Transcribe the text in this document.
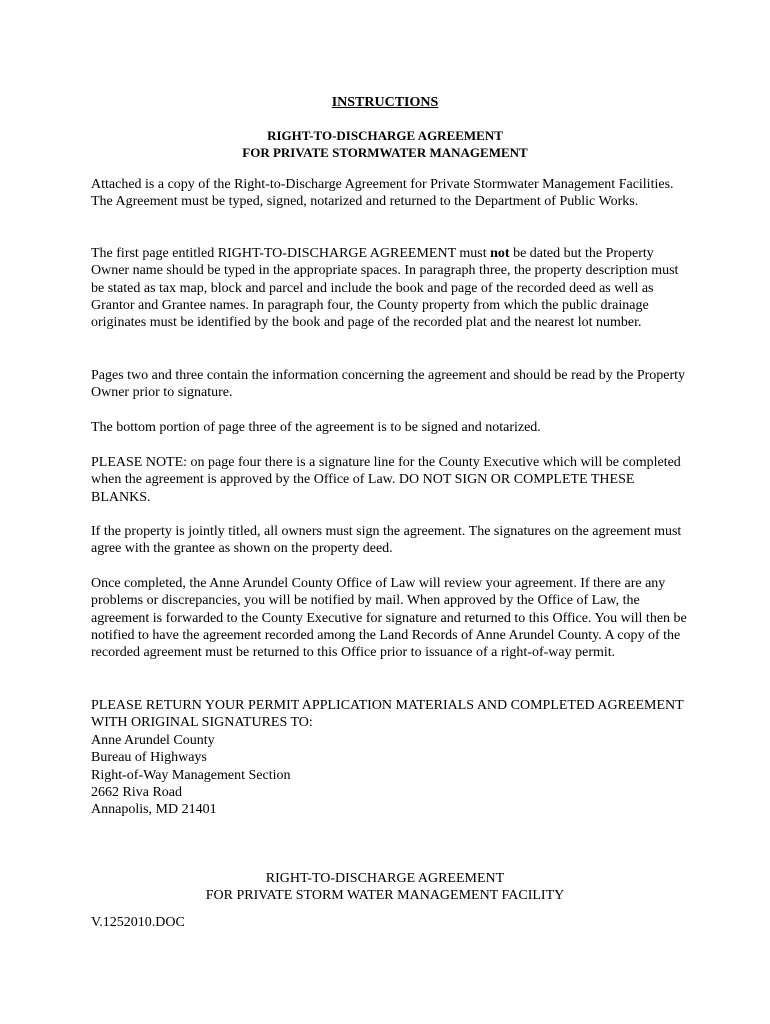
INSTRUCTIONS
RIGHT-TO-DISCHARGE AGREEMENT
FOR PRIVATE STORMWATER MANAGEMENT

Attached is a copy of the Right-to-Discharge Agreement for Private Stormwater Management Facilities. The Agreement must be typed, signed, notarized and returned to the Department of Public Works.

The first page entitled RIGHT-TO-DISCHARGE AGREEMENT must not be dated but the Property Owner name should be typed in the appropriate spaces. In paragraph three, the property description must be stated as tax map, block and parcel and include the book and page of the recorded deed as well as Grantor and Grantee names. In paragraph four, the County property from which the public drainage originates must be identified by the book and page of the recorded plat and the nearest lot number.

Pages two and three contain the information concerning the agreement and should be read by the Property Owner prior to signature.

The bottom portion of page three of the agreement is to be signed and notarized.

PLEASE NOTE: on page four there is a signature line for the County Executive which will be completed when the agreement is approved by the Office of Law. DO NOT SIGN OR COMPLETE THESE BLANKS.

If the property is jointly titled, all owners must sign the agreement. The signatures on the agreement must agree with the grantee as shown on the property deed.

Once completed, the Anne Arundel County Office of Law will review your agreement. If there are any problems or discrepancies, you will be notified by mail. When approved by the Office of Law, the agreement is forwarded to the County Executive for signature and returned to this Office. You will then be notified to have the agreement recorded among the Land Records of Anne Arundel County. A copy of the recorded agreement must be returned to this Office prior to issuance of a right-of-way permit.

PLEASE RETURN YOUR PERMIT APPLICATION MATERIALS AND COMPLETED AGREEMENT WITH ORIGINAL SIGNATURES TO:

Anne Arundel County
Bureau of Highways
Right-of-Way Management Section
2662 Riva Road
Annapolis, MD 21401
RIGHT-TO-DISCHARGE AGREEMENT
FOR PRIVATE STORM WATER MANAGEMENT FACILITY
V.1252010.DOC
